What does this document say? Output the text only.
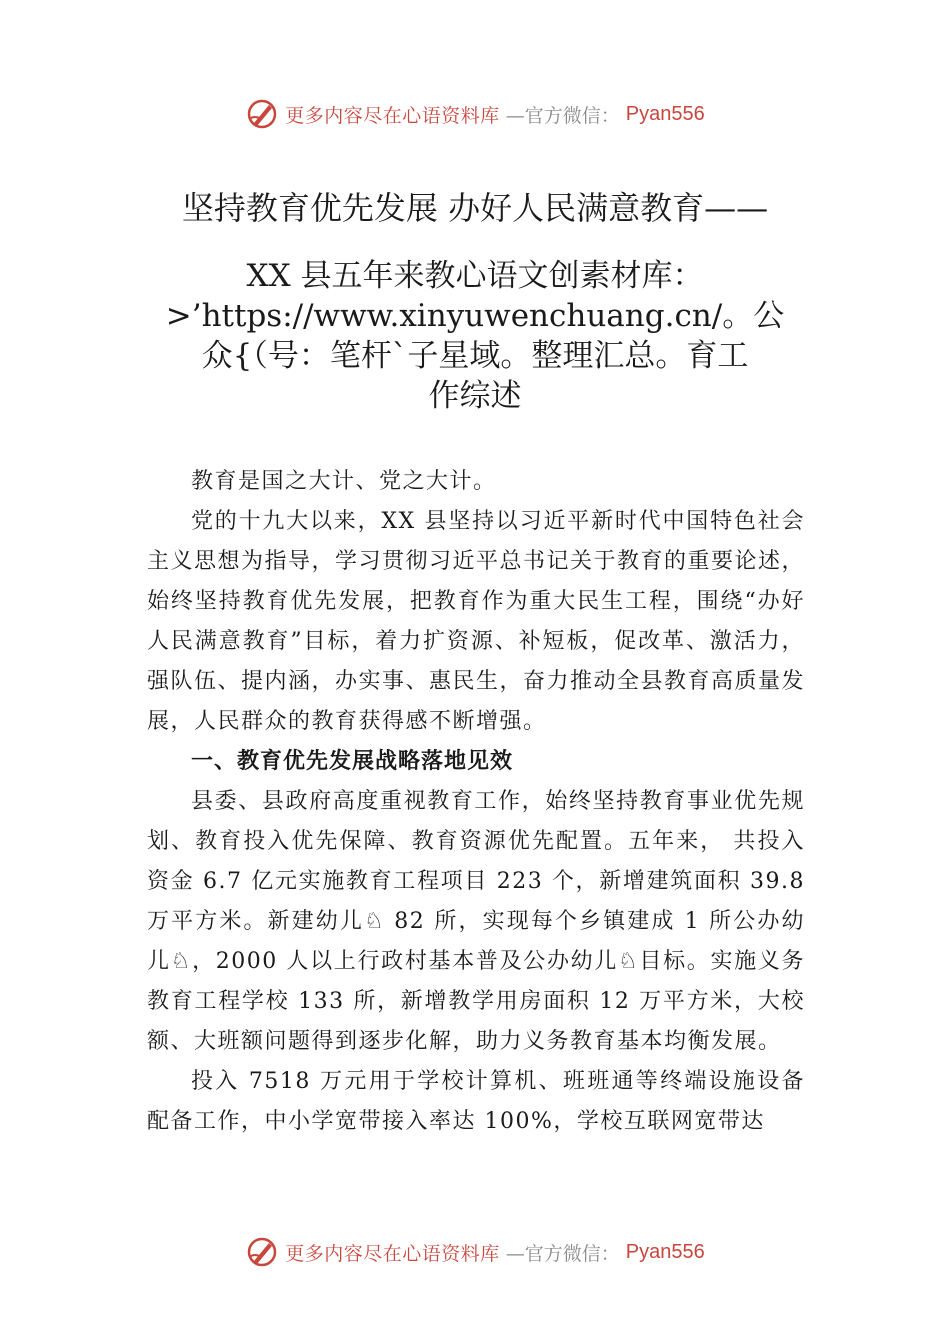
更多内容尽在心语资料库 —官方微信： Pyan556
坚持教育优先发展 办好人民满意教育——
XX 县五年来教心语文创素材库：
>’https://www.xinyuwenchuang.cn/。公
众{（号：笔杆`子星域。整理汇总。育工
作综述

教育是国之大计、党之大计。

党的十九大以来，XX 县坚持以习近平新时代中国特色社会主义思想为指导，学习贯彻习近平总书记关于教育的重要论述，始终坚持教育优先发展，把教育作为重大民生工程，围绕“办好人民满意教育”目标，着力扩资源、补短板，促改革、激活力，强队伍、提内涵，办实事、惠民生，奋力推动全县教育高质量发展，人民群众的教育获得感不断增强。

一、教育优先发展战略落地见效

县委、县政府高度重视教育工作，始终坚持教育事业优先规划、教育投入优先保障、教育资源优先配置。五年来， 共投入资金 6.7 亿元实施教育工程项目 223 个，新增建筑面积 39.8 万平方米。新建幼儿♘ 82 所，实现每个乡镇建成 1 所公办幼儿♘，2000 人以上行政村基本普及公办幼儿♘目标。实施义务教育工程学校 133 所，新增教学用房面积 12 万平方米，大校额、大班额问题得到逐步化解，助力义务教育基本均衡发展。

投入 7518 万元用于学校计算机、班班通等终端设施设备配备工作，中小学宽带接入率达 100%，学校互联网宽带达

更多内容尽在心语资料库 —官方微信： Pyan556
